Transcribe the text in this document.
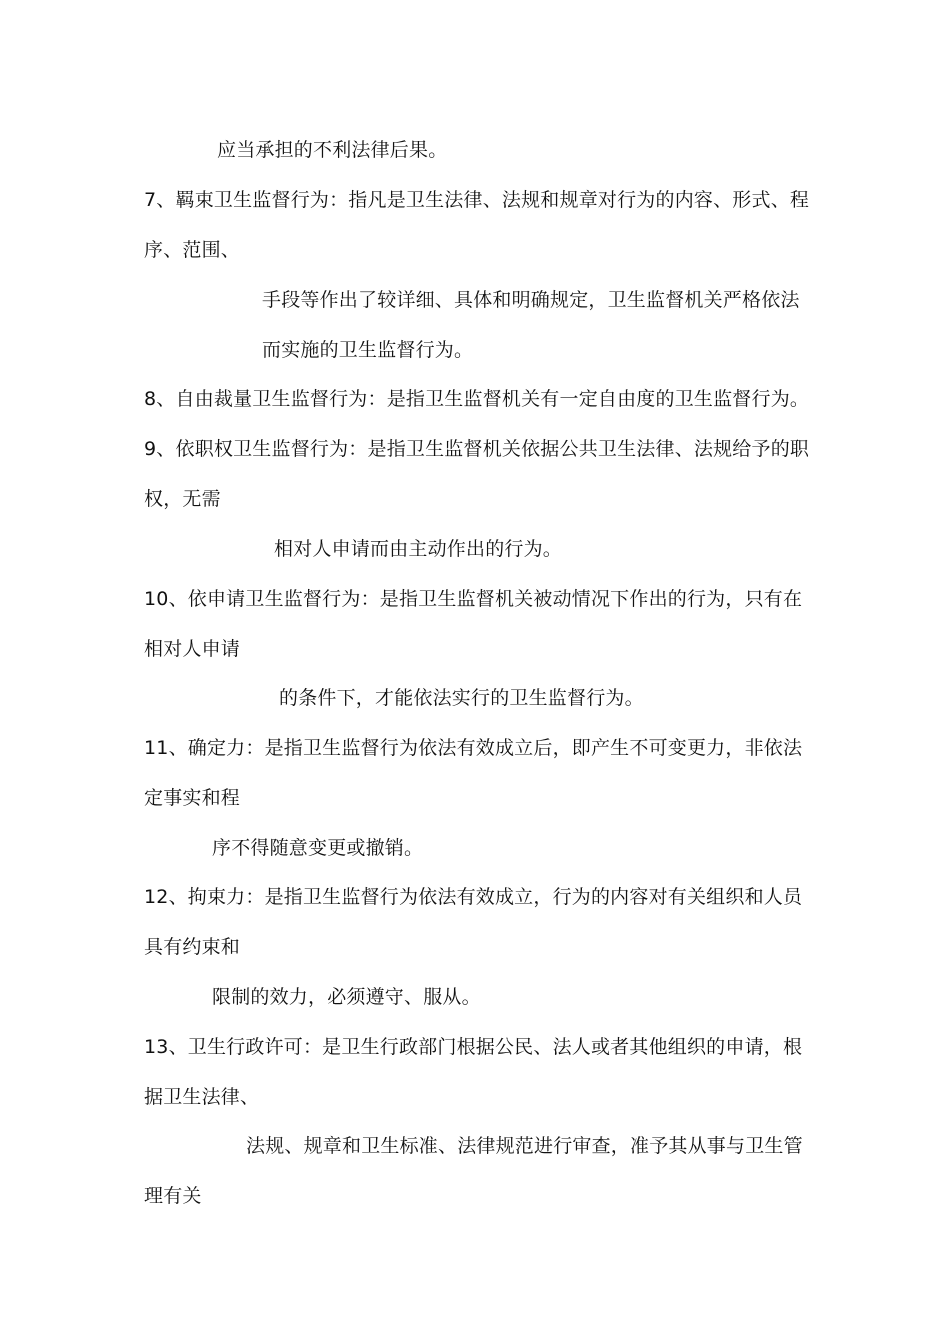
应当承担的不利法律后果。
7、羁束卫生监督行为：指凡是卫生法律、法规和规章对行为的内容、形式、程
序、范围、
手段等作出了较详细、具体和明确规定，卫生监督机关严格依法
而实施的卫生监督行为。
8、自由裁量卫生监督行为：是指卫生监督机关有一定自由度的卫生监督行为。
9、依职权卫生监督行为：是指卫生监督机关依据公共卫生法律、法规给予的职
权，无需
相对人申请而由主动作出的行为。
10、依申请卫生监督行为：是指卫生监督机关被动情况下作出的行为，只有在
相对人申请
的条件下，才能依法实行的卫生监督行为。
11、确定力：是指卫生监督行为依法有效成立后，即产生不可变更力，非依法
定事实和程
序不得随意变更或撤销。
12、拘束力：是指卫生监督行为依法有效成立，行为的内容对有关组织和人员
具有约束和
限制的效力，必须遵守、服从。
13、卫生行政许可：是卫生行政部门根据公民、法人或者其他组织的申请，根
据卫生法律、
法规、规章和卫生标准、法律规范进行审查，准予其从事与卫生管
理有关
